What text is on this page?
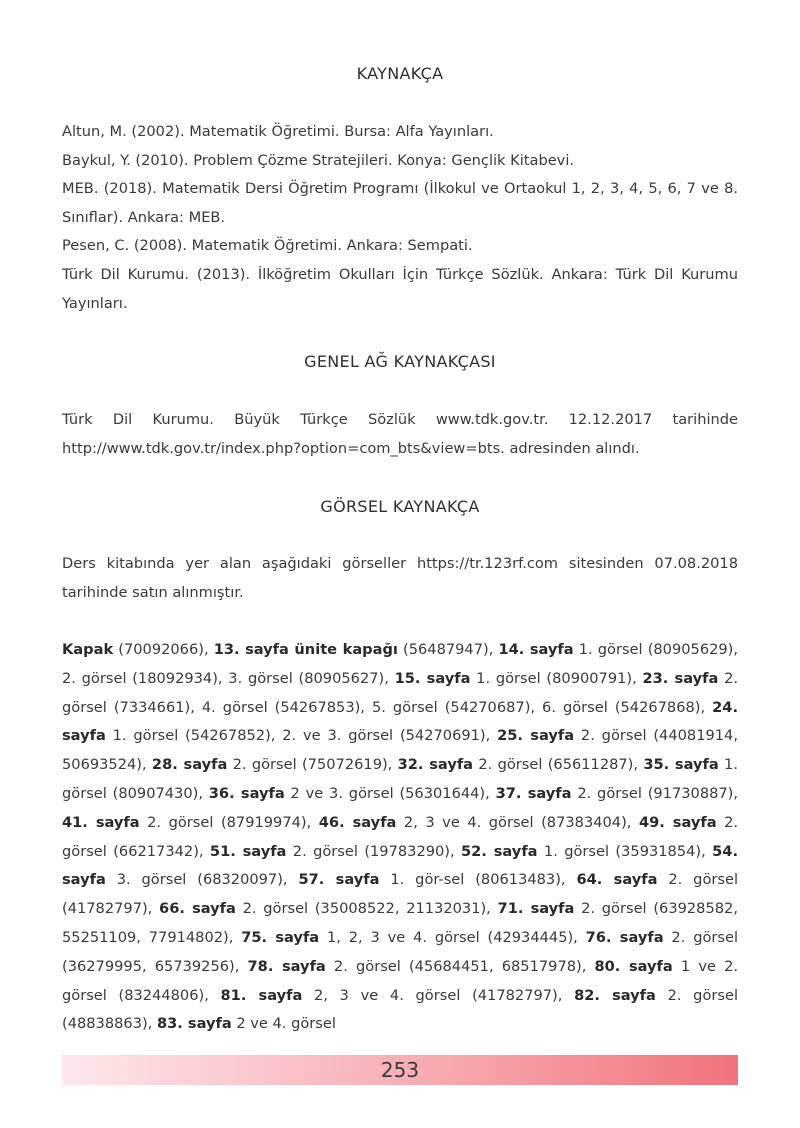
KAYNAKÇA

Altun, M. (2002). Matematik Öğretimi. Bursa: Alfa Yayınları.

Baykul, Y. (2010). Problem Çözme Stratejileri. Konya: Gençlik Kitabevi.

MEB. (2018). Matematik Dersi Öğretim Programı (İlkokul ve Ortaokul 1, 2, 3, 4, 5, 6, 7 ve 8. Sınıflar). Ankara: MEB.

Pesen, C. (2008). Matematik Öğretimi. Ankara: Sempati.

Türk Dil Kurumu. (2013). İlköğretim Okulları İçin Türkçe Sözlük. Ankara: Türk Dil Kurumu Yayınları.

GENEL AĞ KAYNAKÇASI

Türk Dil Kurumu. Büyük Türkçe Sözlük www.tdk.gov.tr. 12.12.2017 tarihinde http://www.tdk.gov.tr/index.php?option=com_bts&view=bts. adresinden alındı.

GÖRSEL KAYNAKÇA

Ders kitabında yer alan aşağıdaki görseller https://tr.123rf.com sitesinden 07.08.2018 tarihinde satın alınmıştır.

Kapak (70092066), 13. sayfa ünite kapağı (56487947), 14. sayfa 1. görsel (80905629), 2. görsel (18092934), 3. görsel (80905627), 15. sayfa 1. görsel (80900791), 23. sayfa 2. görsel (7334661), 4. görsel (54267853), 5. görsel (54270687), 6. görsel (54267868), 24. sayfa 1. görsel (54267852), 2. ve 3. görsel (54270691), 25. sayfa 2. görsel (44081914, 50693524), 28. sayfa 2. görsel (75072619), 32. sayfa 2. görsel (65611287), 35. sayfa 1. görsel (80907430), 36. sayfa 2 ve 3. görsel (56301644), 37. sayfa 2. görsel (91730887), 41. sayfa 2. görsel (87919974), 46. sayfa 2, 3 ve 4. görsel (87383404), 49. sayfa 2. görsel (66217342), 51. sayfa 2. görsel (19783290), 52. sayfa 1. görsel (35931854), 54. sayfa 3. görsel (68320097), 57. sayfa 1. gör-sel (80613483), 64. sayfa 2. görsel (41782797), 66. sayfa 2. görsel (35008522, 21132031), 71. sayfa 2. görsel (63928582, 55251109, 77914802), 75. sayfa 1, 2, 3 ve 4. görsel (42934445), 76. sayfa 2. görsel (36279995, 65739256), 78. sayfa 2. görsel (45684451, 68517978), 80. sayfa 1 ve 2. görsel (83244806), 81. sayfa 2, 3 ve 4. görsel (41782797), 82. sayfa 2. görsel (48838863), 83. sayfa 2 ve 4. görsel

253
